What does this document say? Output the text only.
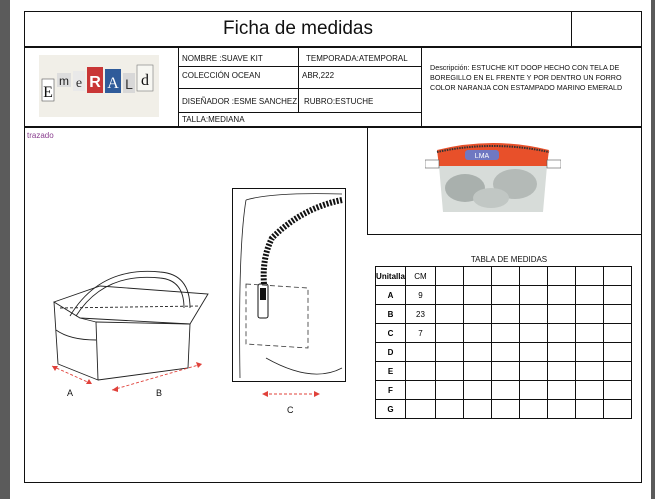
Ficha de medidas
E
m e R A L d
NOMBRE :SUAVE KIT	TEMPORADA:ATEMPORAL
COLECCIÓN OCEAN	ABR,222
DISEÑADOR :ESME SANCHEZ RUBRO:ESTUCHE
TALLA:MEDIANA
Descripción: ESTUCHE KIT DOOP HECHO CON TELA DE BOREGILLO EN EL FRENTE Y POR DENTRO UN FORRO COLOR NARANJA CON ESTAMPADO MARINO EMERALD
trazado
LMA
A	B
C
TABLA DE MEDIDAS
Unitalla	CM							
A	9							
B	23							
C	7							
D								
E								
F								
G								
